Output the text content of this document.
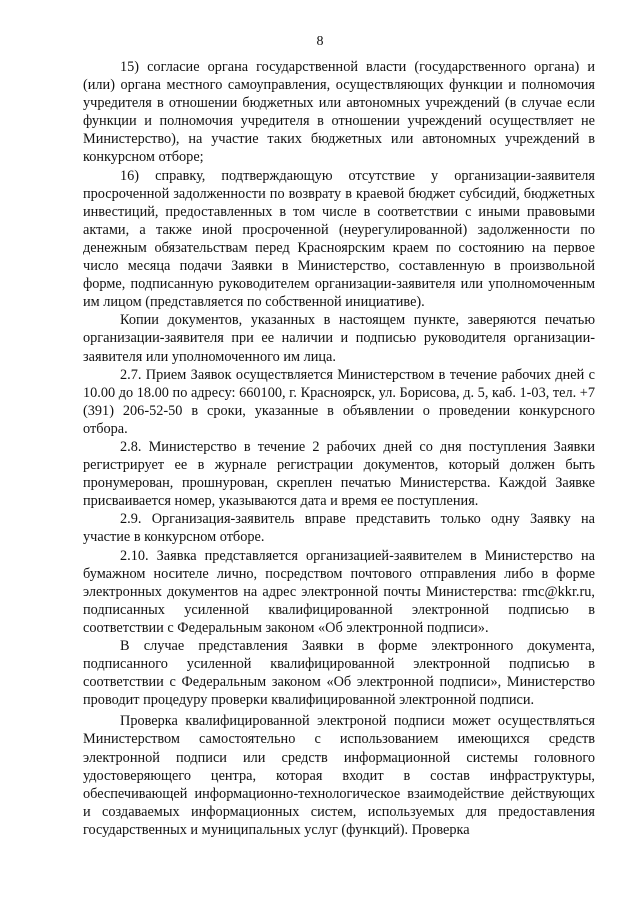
8

15) согласие органа государственной власти (государственного органа) и (или) органа местного самоуправления, осуществляющих функции и полномочия учредителя в отношении бюджетных или автономных учреждений (в случае если функции и полномочия учредителя в отношении учреждений осуществляет не Министерство), на участие таких бюджетных или автономных учреждений в конкурсном отборе;

16) справку, подтверждающую отсутствие у организации-заявителя просроченной задолженности по возврату в краевой бюджет субсидий, бюджетных инвестиций, предоставленных в том числе в соответствии с иными правовыми актами, а также иной просроченной (неурегулированной) задолженности по денежным обязательствам перед Красноярским краем по состоянию на первое число месяца подачи Заявки в Министерство, составленную в произвольной форме, подписанную руководителем организации-заявителя или уполномоченным им лицом (представляется по собственной инициативе).

Копии документов, указанных в настоящем пункте, заверяются печатью организации-заявителя при ее наличии и подписью руководителя организации-заявителя или уполномоченного им лица.

2.7. Прием Заявок осуществляется Министерством в течение рабочих дней с 10.00 до 18.00 по адресу: 660100, г. Красноярск, ул. Борисова, д. 5, каб. 1-03, тел. +7 (391) 206-52-50 в сроки, указанные в объявлении о проведении конкурсного отбора.

2.8. Министерство в течение 2 рабочих дней со дня поступления Заявки регистрирует ее в журнале регистрации документов, который должен быть пронумерован, прошнурован, скреплен печатью Министерства. Каждой Заявке присваивается номер, указываются дата и время ее поступления.

2.9. Организация-заявитель вправе представить только одну Заявку на участие в конкурсном отборе.

2.10. Заявка представляется организацией-заявителем в Министерство на бумажном носителе лично, посредством почтового отправления либо в форме электронных документов на адрес электронной почты Министерства: rmc@kkr.ru, подписанных усиленной квалифицированной электронной подписью в соответствии с Федеральным законом «Об электронной подписи».

В случае представления Заявки в форме электронного документа, подписанного усиленной квалифицированной электронной подписью в соответствии с Федеральным законом «Об электронной подписи», Министерство проводит процедуру проверки квалифицированной электронной подписи.

Проверка квалифицированной электроной подписи может осуществляться Министерством самостоятельно с использованием имеющихся средств электронной подписи или средств информационной системы головного удостоверяющего центра, которая входит в состав инфраструктуры, обеспечивающей информационно-технологическое взаимодействие действующих и создаваемых информационных систем, используемых для предоставления государственных и муниципальных услуг (функций). Проверка
